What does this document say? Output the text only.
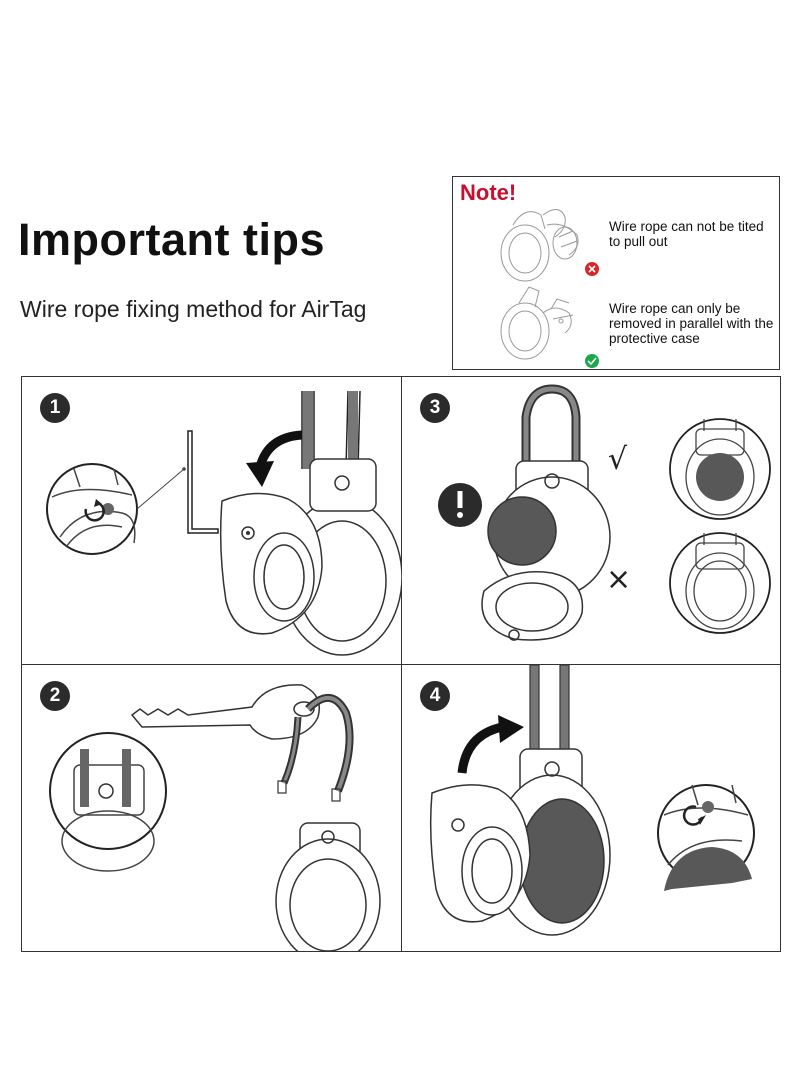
Important tips

Wire rope fixing method for AirTag

Note!
Wire rope can not be tited to pull out
Wire rope can only be removed in parallel with the protective case
1
√
×
3
2	4
